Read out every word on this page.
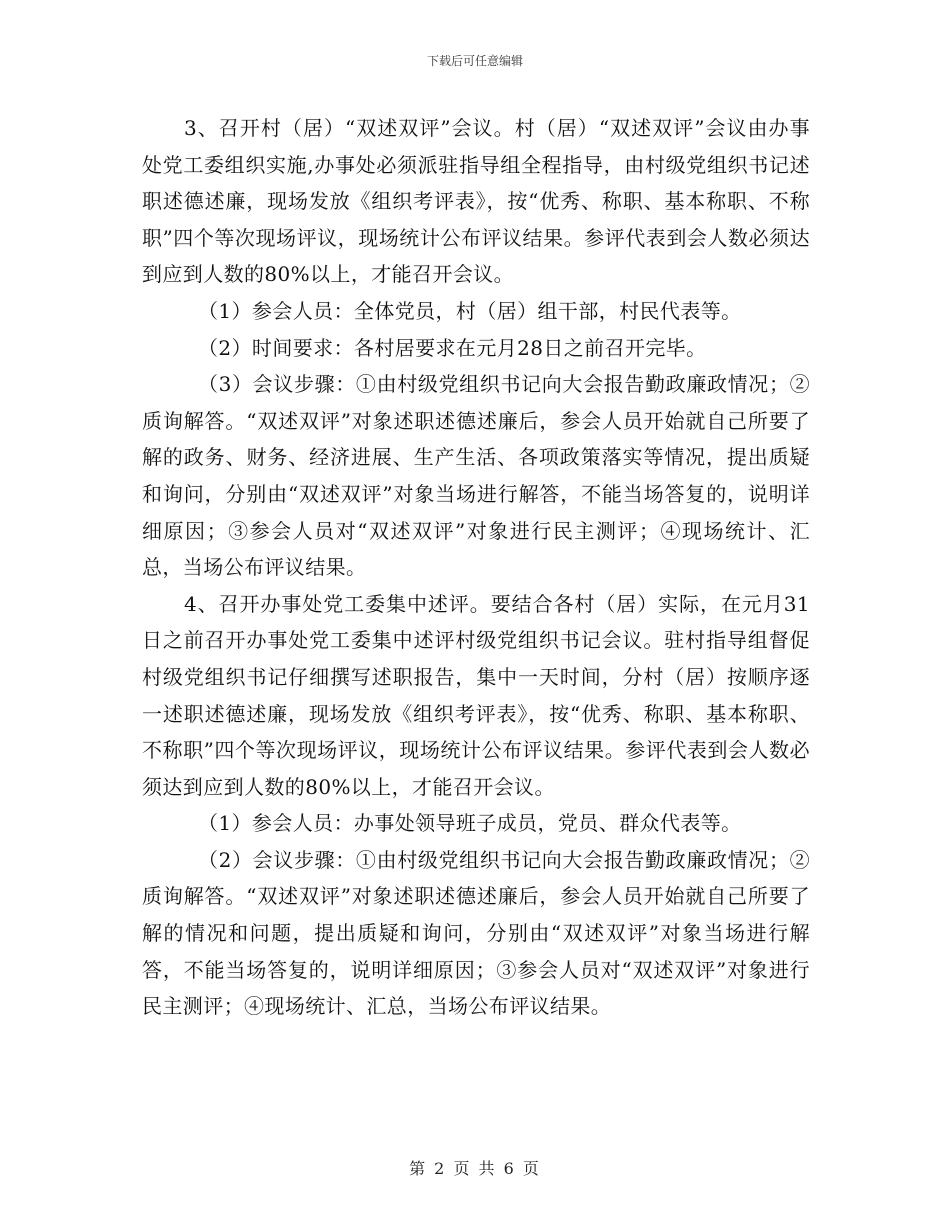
下载后可任意编辑

3、召开村（居）“双述双评”会议。村（居）“双述双评”会议由办事处党工委组织实施,办事处必须派驻指导组全程指导，由村级党组织书记述职述德述廉，现场发放《组织考评表》，按“优秀、称职、基本称职、不称职”四个等次现场评议，现场统计公布评议结果。参评代表到会人数必须达到应到人数的80%以上，才能召开会议。

（1）参会人员：全体党员，村（居）组干部，村民代表等。

（2）时间要求：各村居要求在元月28日之前召开完毕。

（3）会议步骤：①由村级党组织书记向大会报告勤政廉政情况；②质询解答。“双述双评”对象述职述德述廉后，参会人员开始就自己所要了解的政务、财务、经济进展、生产生活、各项政策落实等情况，提出质疑和询问，分别由“双述双评”对象当场进行解答，不能当场答复的，说明详细原因；③参会人员对“双述双评”对象进行民主测评；④现场统计、汇总，当场公布评议结果。

4、召开办事处党工委集中述评。要结合各村（居）实际，在元月31日之前召开办事处党工委集中述评村级党组织书记会议。驻村指导组督促村级党组织书记仔细撰写述职报告，集中一天时间，分村（居）按顺序逐一述职述德述廉，现场发放《组织考评表》，按“优秀、称职、基本称职、不称职”四个等次现场评议，现场统计公布评议结果。参评代表到会人数必须达到应到人数的80%以上，才能召开会议。

（1）参会人员：办事处领导班子成员，党员、群众代表等。

（2）会议步骤：①由村级党组织书记向大会报告勤政廉政情况；②质询解答。“双述双评”对象述职述德述廉后，参会人员开始就自己所要了解的情况和问题，提出质疑和询问，分别由“双述双评”对象当场进行解答，不能当场答复的，说明详细原因；③参会人员对“双述双评”对象进行民主测评；④现场统计、汇总，当场公布评议结果。

第 2 页 共 6 页
